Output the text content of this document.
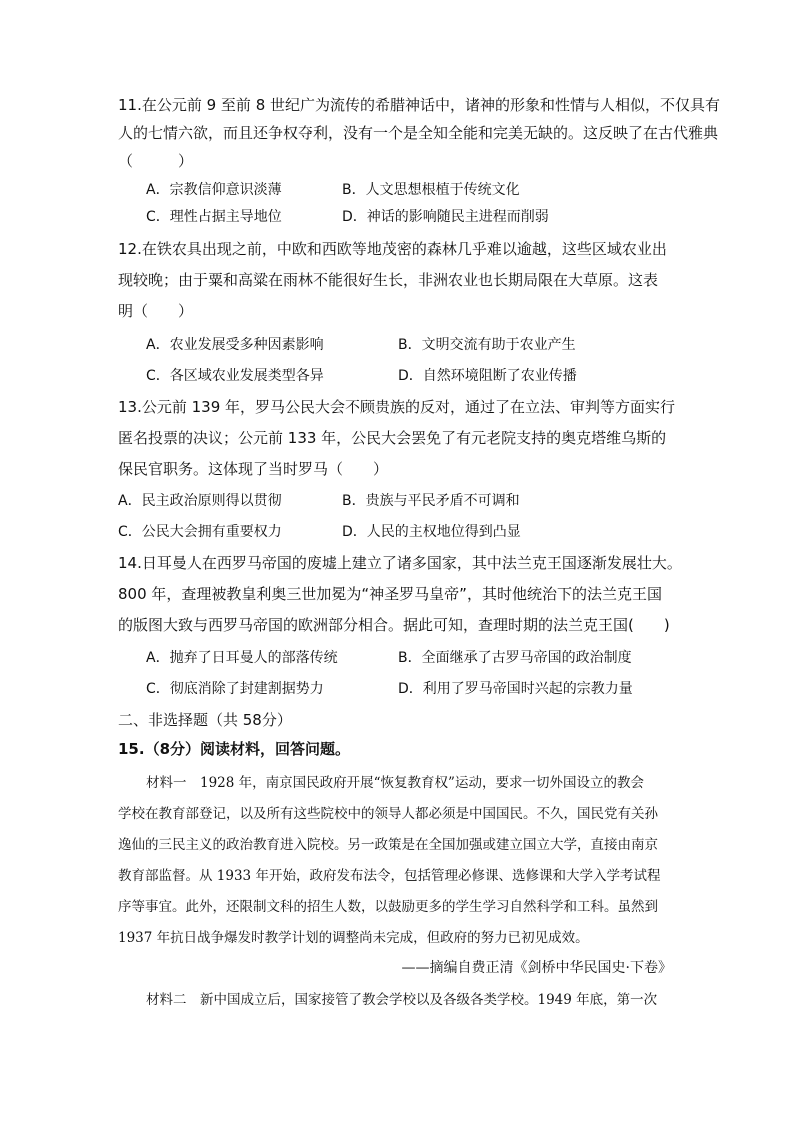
11.在公元前 9 至前 8 世纪广为流传的希腊神话中，诸神的形象和性情与人相似，不仅具有
人的七情六欲，而且还争权夺利，没有一个是全知全能和完美无缺的。这反映了在古代雅典
（　　　）
A．宗教信仰意识淡薄	B．人文思想根植于传统文化
C．理性占据主导地位	D．神话的影响随民主进程而削弱
12.在铁农具出现之前，中欧和西欧等地茂密的森林几乎难以逾越，这些区域农业出
现较晚；由于粟和高粱在雨林不能很好生长，非洲农业也长期局限在大草原。这表
明（　　）
A．农业发展受多种因素影响	B．文明交流有助于农业产生
C．各区域农业发展类型各异	D．自然环境阻断了农业传播
13.公元前 139 年，罗马公民大会不顾贵族的反对，通过了在立法、审判等方面实行
匿名投票的决议；公元前 133 年，公民大会罢免了有元老院支持的奥克塔维乌斯的
保民官职务。这体现了当时罗马（　　）
A．民主政治原则得以贯彻	B．贵族与平民矛盾不可调和
C．公民大会拥有重要权力	D．人民的主权地位得到凸显
14.日耳曼人在西罗马帝国的废墟上建立了诸多国家，其中法兰克王国逐渐发展壮大。
800 年，查理被教皇利奥三世加冕为“神圣罗马皇帝”，其时他统治下的法兰克王国
的版图大致与西罗马帝国的欧洲部分相合。据此可知，查理时期的法兰克王国(　　)
A．抛弃了日耳曼人的部落传统	B．全面继承了古罗马帝国的政治制度
C．彻底消除了封建割据势力	D．利用了罗马帝国时兴起的宗教力量
二、非选择题（共 58分）
15.（8分）阅读材料，回答问题。
材料一　1928 年，南京国民政府开展“恢复教育权”运动，要求一切外国设立的教会
学校在教育部登记，以及所有这些院校中的领导人都必须是中国国民。不久，国民党有关孙
逸仙的三民主义的政治教育进入院校。另一政策是在全国加强或建立国立大学，直接由南京
教育部监督。从 1933 年开始，政府发布法令，包括管理必修课、选修课和大学入学考试程
序等事宜。此外，还限制文科的招生人数，以鼓励更多的学生学习自然科学和工科。虽然到
1937 年抗日战争爆发时教学计划的调整尚未完成，但政府的努力已初见成效。
——摘编自费正清《剑桥中华民国史·下卷》
材料二　新中国成立后，国家接管了教会学校以及各级各类学校。1949 年底，第一次
